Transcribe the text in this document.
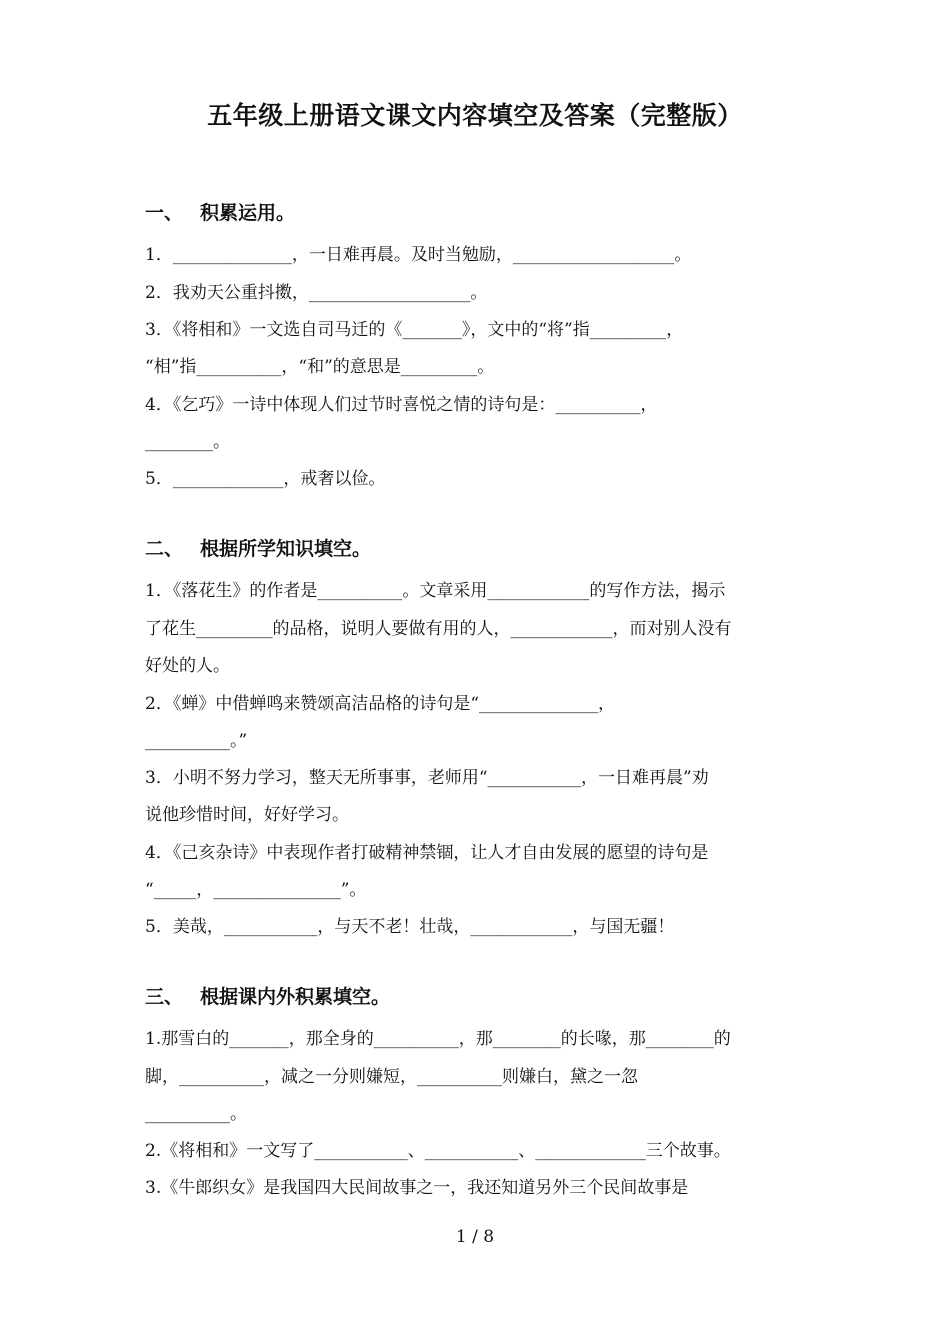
五年级上册语文课文内容填空及答案（完整版）
一、 积累运用。
1．______________，一日难再晨。及时当勉励，___________________。
2．我劝天公重抖擞，___________________。
3．《将相和》一文选自司马迁的《_______》，文中的“将”指_________，
“相”指__________，“和”的意思是_________。
4．《乞巧》一诗中体现人们过节时喜悦之情的诗句是：__________，
________。
5．_____________，戒奢以俭。
二、 根据所学知识填空。
1．《落花生》的作者是__________。文章采用____________的写作方法，揭示
了花生_________的品格，说明人要做有用的人，____________，而对别人没有
好处的人。
2．《蝉》中借蝉鸣来赞颂高洁品格的诗句是“______________，
__________。”
3．小明不努力学习，整天无所事事，老师用“___________，一日难再晨”劝
说他珍惜时间，好好学习。
4．《己亥杂诗》中表现作者打破精神禁锢，让人才自由发展的愿望的诗句是
“_____，_______________”。
5．美哉，___________，与天不老！壮哉，____________，与国无疆！
三、 根据课内外积累填空。
1.那雪白的_______，那全身的__________，那________的长喙，那________的
脚，__________，减之一分则嫌短，__________则嫌白，黛之一忽
__________。
2.《将相和》一文写了___________、___________、_____________三个故事。
3.《牛郎织女》是我国四大民间故事之一，我还知道另外三个民间故事是
1 / 8
